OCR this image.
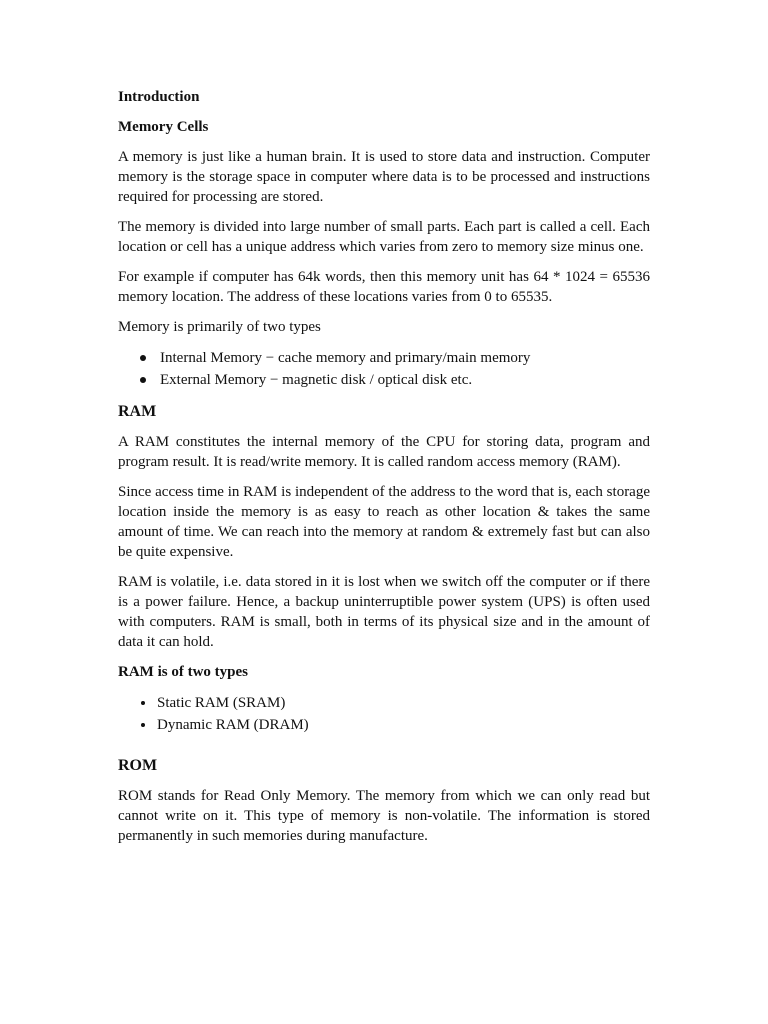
Introduction
Memory Cells

A memory is just like a human brain. It is used to store data and instruction. Computer memory is the storage space in computer where data is to be processed and instructions required for processing are stored.

The memory is divided into large number of small parts. Each part is called a cell. Each location or cell has a unique address which varies from zero to memory size minus one.

For example if computer has 64k words, then this memory unit has 64 * 1024 = 65536 memory location. The address of these locations varies from 0 to 65535.

Memory is primarily of two types

Internal Memory − cache memory and primary/main memory
External Memory − magnetic disk / optical disk etc.
RAM

A RAM constitutes the internal memory of the CPU for storing data, program and program result. It is read/write memory. It is called random access memory (RAM).

Since access time in RAM is independent of the address to the word that is, each storage location inside the memory is as easy to reach as other location & takes the same amount of time. We can reach into the memory at random & extremely fast but can also be quite expensive.

RAM is volatile, i.e. data stored in it is lost when we switch off the computer or if there is a power failure. Hence, a backup uninterruptible power system (UPS) is often used with computers. RAM is small, both in terms of its physical size and in the amount of data it can hold.

RAM is of two types
Static RAM (SRAM)
Dynamic RAM (DRAM)
ROM

ROM stands for Read Only Memory. The memory from which we can only read but cannot write on it. This type of memory is non-volatile. The information is stored permanently in such memories during manufacture.
